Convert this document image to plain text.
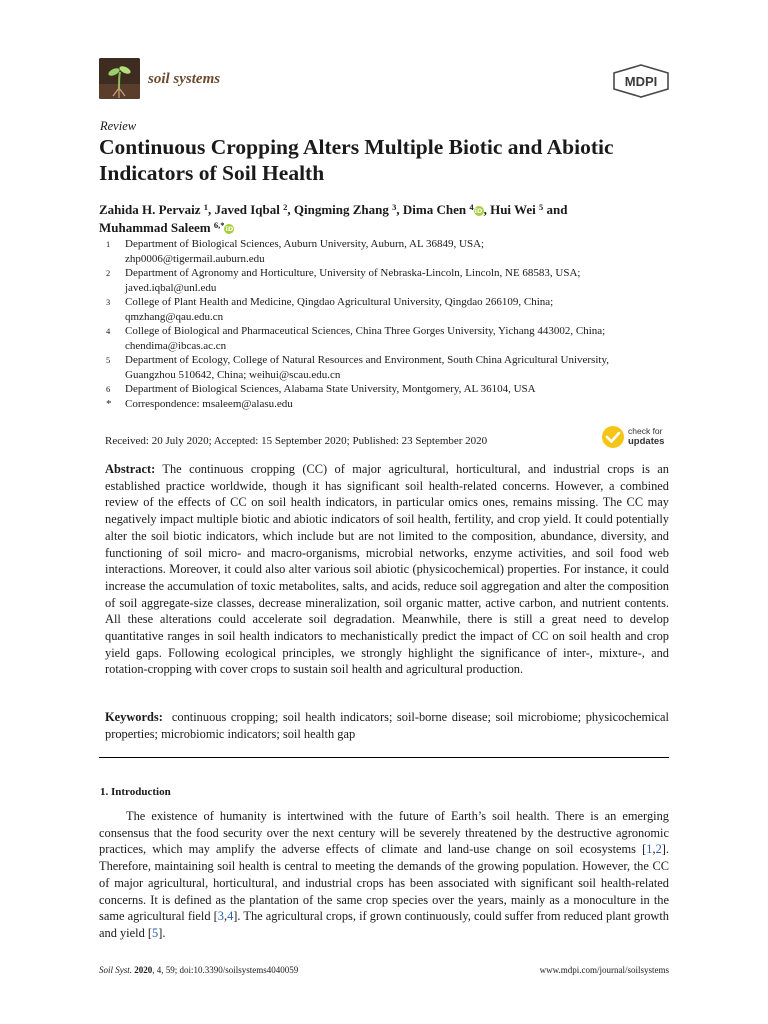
soil systems	MDPI
Review
Continuous Cropping Alters Multiple Biotic and Abiotic Indicators of Soil Health
Zahida H. Pervaiz $^1$, Javed Iqbal $^2$, Qingming Zhang $^3$, Dima Chen $^4$iD, Hui Wei $^5$ and
Muhammad Saleem $^{6,*}$iD
1	Department of Biological Sciences, Auburn University, Auburn, AL 36849, USA;
zhp0006@tigermail.auburn.edu
2	Department of Agronomy and Horticulture, University of Nebraska-Lincoln, Lincoln, NE 68583, USA;
javed.iqbal@unl.edu
3	College of Plant Health and Medicine, Qingdao Agricultural University, Qingdao 266109, China;
qmzhang@qau.edu.cn
4	College of Biological and Pharmaceutical Sciences, China Three Gorges University, Yichang 443002, China;
chendima@ibcas.ac.cn
5	Department of Ecology, College of Natural Resources and Environment, South China Agricultural University,
Guangzhou 510642, China; weihui@scau.edu.cn
6	Department of Biological Sciences, Alabama State University, Montgomery, AL 36104, USA
*	Correspondence: msaleem@alasu.edu
Received: 20 July 2020; Accepted: 15 September 2020; Published: 23 September 2020
check for
updates
Abstract: The continuous cropping (CC) of major agricultural, horticultural, and industrial crops is an established practice worldwide, though it has significant soil health-related concerns. However, a combined review of the effects of CC on soil health indicators, in particular omics ones, remains missing. The CC may negatively impact multiple biotic and abiotic indicators of soil health, fertility, and crop yield. It could potentially alter the soil biotic indicators, which include but are not limited to the composition, abundance, diversity, and functioning of soil micro- and macro-organisms, microbial networks, enzyme activities, and soil food web interactions. Moreover, it could also alter various soil abiotic (physicochemical) properties. For instance, it could increase the accumulation of toxic metabolites, salts, and acids, reduce soil aggregation and alter the composition of soil aggregate-size classes, decrease mineralization, soil organic matter, active carbon, and nutrient contents. All these alterations could accelerate soil degradation. Meanwhile, there is still a great need to develop quantitative ranges in soil health indicators to mechanistically predict the impact of CC on soil health and crop yield gaps. Following ecological principles, we strongly highlight the significance of inter-, mixture-, and rotation-cropping with cover crops to sustain soil health and agricultural production.
Keywords: continuous cropping; soil health indicators; soil-borne disease; soil microbiome; physicochemical properties; microbiomic indicators; soil health gap
1. Introduction
The existence of humanity is intertwined with the future of Earth’s soil health. There is an emerging consensus that the food security over the next century will be severely threatened by the destructive agronomic practices, which may amplify the adverse effects of climate and land-use change on soil ecosystems [1,2]. Therefore, maintaining soil health is central to meeting the demands of the growing population. However, the CC of major agricultural, horticultural, and industrial crops has been associated with significant soil health-related concerns. It is defined as the plantation of the same crop species over the years, mainly as a monoculture in the same agricultural field [3,4]. The agricultural crops, if grown continuously, could suffer from reduced plant growth and yield [5].
Soil Syst. 2020, 4, 59; doi:10.3390/soilsystems4040059	www.mdpi.com/journal/soilsystems
